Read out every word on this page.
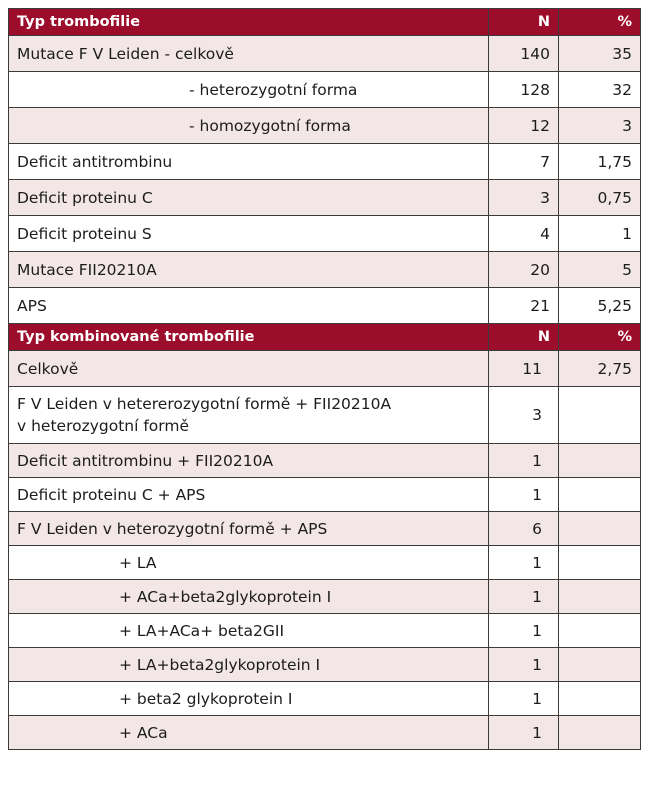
Typ trombofilie	N	%
Mutace F V Leiden - celkově	140	35
- heterozygotní forma	128	32
- homozygotní forma	12	3
Deficit antitrombinu	7	1,75
Deficit proteinu C	3	0,75
Deficit proteinu S	4	1
Mutace FII20210A	20	5
APS	21	5,25
Typ kombinované trombofilie	N	%
Celkově	11	2,75
F V Leiden v hetererozygotní formě + FII20210A
v heterozygotní formě	3	
Deficit antitrombinu + FII20210A	1	
Deficit proteinu C + APS	1	
F V Leiden v heterozygotní formě + APS	6	
+ LA	1	
+ ACa+beta2glykoprotein I	1	
+ LA+ACa+ beta2GII	1	
+ LA+beta2glykoprotein I	1	
+ beta2 glykoprotein I	1	
+ ACa	1	
